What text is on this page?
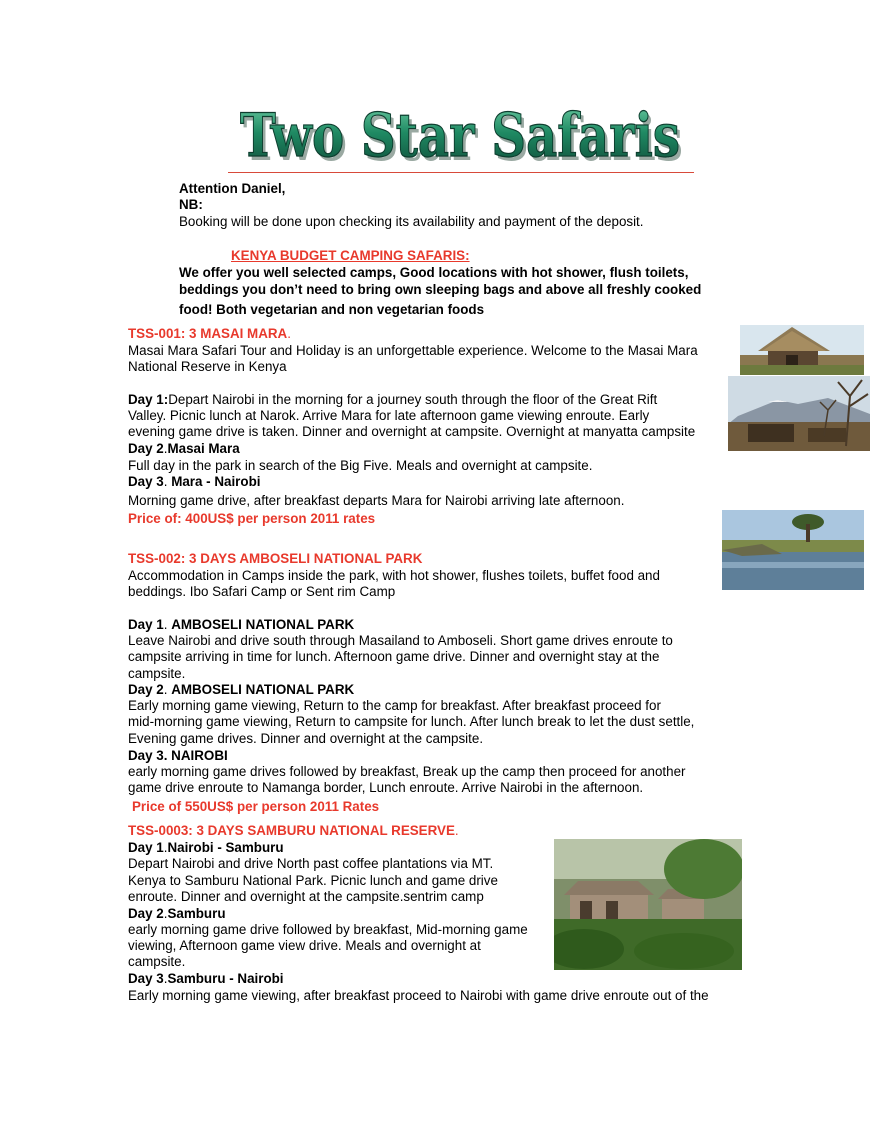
Two Star Safaris
Two Star Safaris
Attention Daniel,
NB:
Booking will be done upon checking its availability and payment of the deposit.
KENYA BUDGET CAMPING SAFARIS:
We offer you well selected camps, Good locations with hot shower, flush toilets,
beddings you don’t need to bring own sleeping bags and above all freshly cooked
food! Both vegetarian and non vegetarian foods
TSS-001: 3 MASAI MARA.
Masai Mara Safari Tour and Holiday is an unforgettable experience. Welcome to the Masai Mara
National Reserve in Kenya
Day 1:Depart Nairobi in the morning for a journey south through the floor of the Great Rift
Valley. Picnic lunch at Narok. Arrive Mara for late afternoon game viewing enroute. Early
evening game drive is taken. Dinner and overnight at campsite. Overnight at manyatta campsite
Day 2.Masai Mara
Full day in the park in search of the Big Five. Meals and overnight at campsite.
Day 3. Mara - Nairobi
Morning game drive, after breakfast departs Mara for Nairobi arriving late afternoon.
Price of: 400US$ per person 2011 rates
TSS-002: 3 DAYS AMBOSELI NATIONAL PARK
Accommodation in Camps inside the park, with hot shower, flushes toilets, buffet food and
beddings. Ibo Safari Camp or Sent rim Camp
Day 1. AMBOSELI NATIONAL PARK
Leave Nairobi and drive south through Masailand to Amboseli. Short game drives enroute to
campsite arriving in time for lunch. Afternoon game drive. Dinner and overnight stay at the
campsite.
Day 2. AMBOSELI NATIONAL PARK
Early morning game viewing, Return to the camp for breakfast. After breakfast proceed for
mid-morning game viewing, Return to campsite for lunch. After lunch break to let the dust settle,
Evening game drives. Dinner and overnight at the campsite.
Day 3. NAIROBI
early morning game drives followed by breakfast, Break up the camp then proceed for another
game drive enroute to Namanga border, Lunch enroute. Arrive Nairobi in the afternoon.
Price of 550US$ per person 2011 Rates
TSS-0003: 3 DAYS SAMBURU NATIONAL RESERVE.
Day 1.Nairobi - Samburu
Depart Nairobi and drive North past coffee plantations via MT.
Kenya to Samburu National Park. Picnic lunch and game drive
enroute. Dinner and overnight at the campsite.sentrim camp
Day 2.Samburu
early morning game drive followed by breakfast, Mid-morning game
viewing, Afternoon game view drive. Meals and overnight at
campsite.
Day 3.Samburu - Nairobi
Early morning game viewing, after breakfast proceed to Nairobi with game drive enroute out of the
